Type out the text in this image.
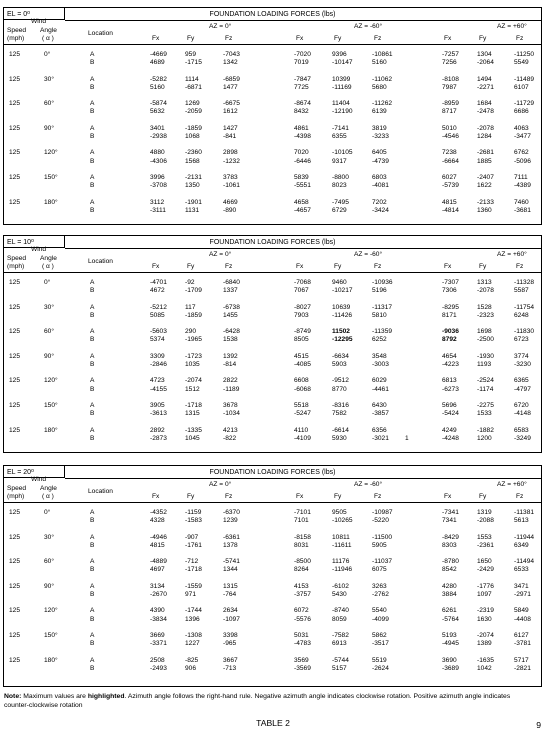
FOUNDATION LOADING FORCES (lbs)
EL = $0^o$
Wind
Speed Angle
(mph)	( α )
Location
AZ = 0°	AZ = -60°	AZ = +60°
Fx	Fy	Fz	Fx	Fy	Fz	Fx	Fy	Fz
125	0°	A	-4669	959	-7043	-7020	9396	-10861	-7257	1304	-11250
B	4689	-1715	1342	7019	-10147	5160	7256	-2064	5549
125	30°	A	-5282	1114	-6859	-7847	10399	-11062	-8108	1494	-11489
B	5160	-6871	1477	7725	-11169	5680	7987	-2271	6107
125	60°	A	-5874	1269	-6675	-8674	11404	-11262	-8959	1684	-11729
B	5632	-2059	1612	8432	-12190	6139	8717	-2478	6686
125	90°	A	3401	-1859	1427	4861	-7141	3819	5010	-2078	4063
B	-2938	1068	-841	-4398	6355	-3233	-4546	1284	-3477
125	120°	A	4880	-2360	2898	7020	-10105	6405	7238	-2681	6762
B	-4306	1568	-1232	-6446	9317	-4739	-6664	1885	-5096
125	150°	A	3996	-2131	3783	5839	-8800	6803	6027	-2407	7111
B	-3708	1350	-1061	-5551	8023	-4081	-5739	1622	-4389
125	180°	A	3112	-1901	4669	4658	-7495	7202	4815	-2133	7460
B	-3111	1131	-890	-4657	6729	-3424	-4814	1360	-3681
FOUNDATION LOADING FORCES (lbs)
EL = $10^o$
Wind
Speed Angle
(mph)	( α )
Location
AZ = 0°	AZ = -60°	AZ = +60°
Fx	Fy	Fz	Fx	Fy	Fz	Fx	Fy	Fz
125	0°	A	-4701	-92	-6840	-7068	9460	-10936	-7307	1313	-11328
B	4672	-1709	1337	7067	-10217	5196	7306	-2078	5587
125	30°	A	-5212	117	-6738	-8027	10639	-11317	-8295	1528	-11754
B	5085	-1859	1455	7903	-11426	5810	8171	-2323	6248
125	60°	A	-5603	290	-6428	-8749	11502	-11359	-9036	1698	-11830
B	5374	-1965	1538	8505	-12295	6252	8792	-2500	6723
125	90°	A	3309	-1723	1392	4515	-6634	3548	4654	-1930	3774
B	-2846	1035	-814	-4085	5903	-3003	-4223	1193	-3230
125	120°	A	4723	-2074	2822	6608	-9512	6029	6813	-2524	6365
B	-4155	1512	-1189	-6068	8770	-4461	-6273	-1174	-4797
125	150°	A	3905	-1718	3678	5518	-8316	6430	5696	-2275	6720
B	-3613	1315	-1034	-5247	7582	-3857	-5424	1533	-4148
125	180°	A	2892	-1335	4213	4110	-6614	6356	4249	-1882	6583
B	-2873	1045	-822	-4109	5930	-3021	-4248	1200	-3249
1
FOUNDATION LOADING FORCES (lbs)
EL = $20^o$
Wind
Speed Angle
(mph)	( α )
Location
AZ = 0°	AZ = -60°	AZ = +60°
Fx	Fy	Fz	Fx	Fy	Fz	Fx	Fy	Fz
125	0°	A	-4352	-1159	-6370	-7101	9505	-10987	-7341	1319	-11381
B	4328	-1583	1239	7101	-10265	-5220	7341	-2088	5613
125	30°	A	-4946	-907	-6361	-8158	10811	-11500	-8429	1553	-11944
B	4815	-1761	1378	8031	-11611	5905	8303	-2361	6349
125	60°	A	-4889	-712	-5741	-8500	11176	-11037	-8780	1650	-11494
B	4697	-1718	1344	8264	-11946	6075	8542	-2429	6533
125	90°	A	3134	-1559	1315	4153	-6102	3263	4280	-1776	3471
B	-2670	971	-764	-3757	5430	-2762	3884	1097	-2971
125	120°	A	4390	-1744	2634	6072	-8740	5540	6261	-2319	5849
B	-3834	1396	-1097	-5576	8059	-4099	-5764	1630	-4408
125	150°	A	3669	-1308	3398	5031	-7582	5862	5193	-2074	6127
B	-3371	1227	-965	-4783	6913	-3517	-4945	1389	-3781
125	180°	A	2508	-825	3667	3569	-5744	5519	3690	-1635	5717
B	-2493	906	-713	-3569	5157	-2624	-3689	1042	-2821
Note: Maximum values are highlighted. Azimuth angle follows the right-hand rule. Negative azimuth angle indicates clockwise rotation. Positive azimuth angle indicates counter-clockwise rotation
TABLE 2	9
